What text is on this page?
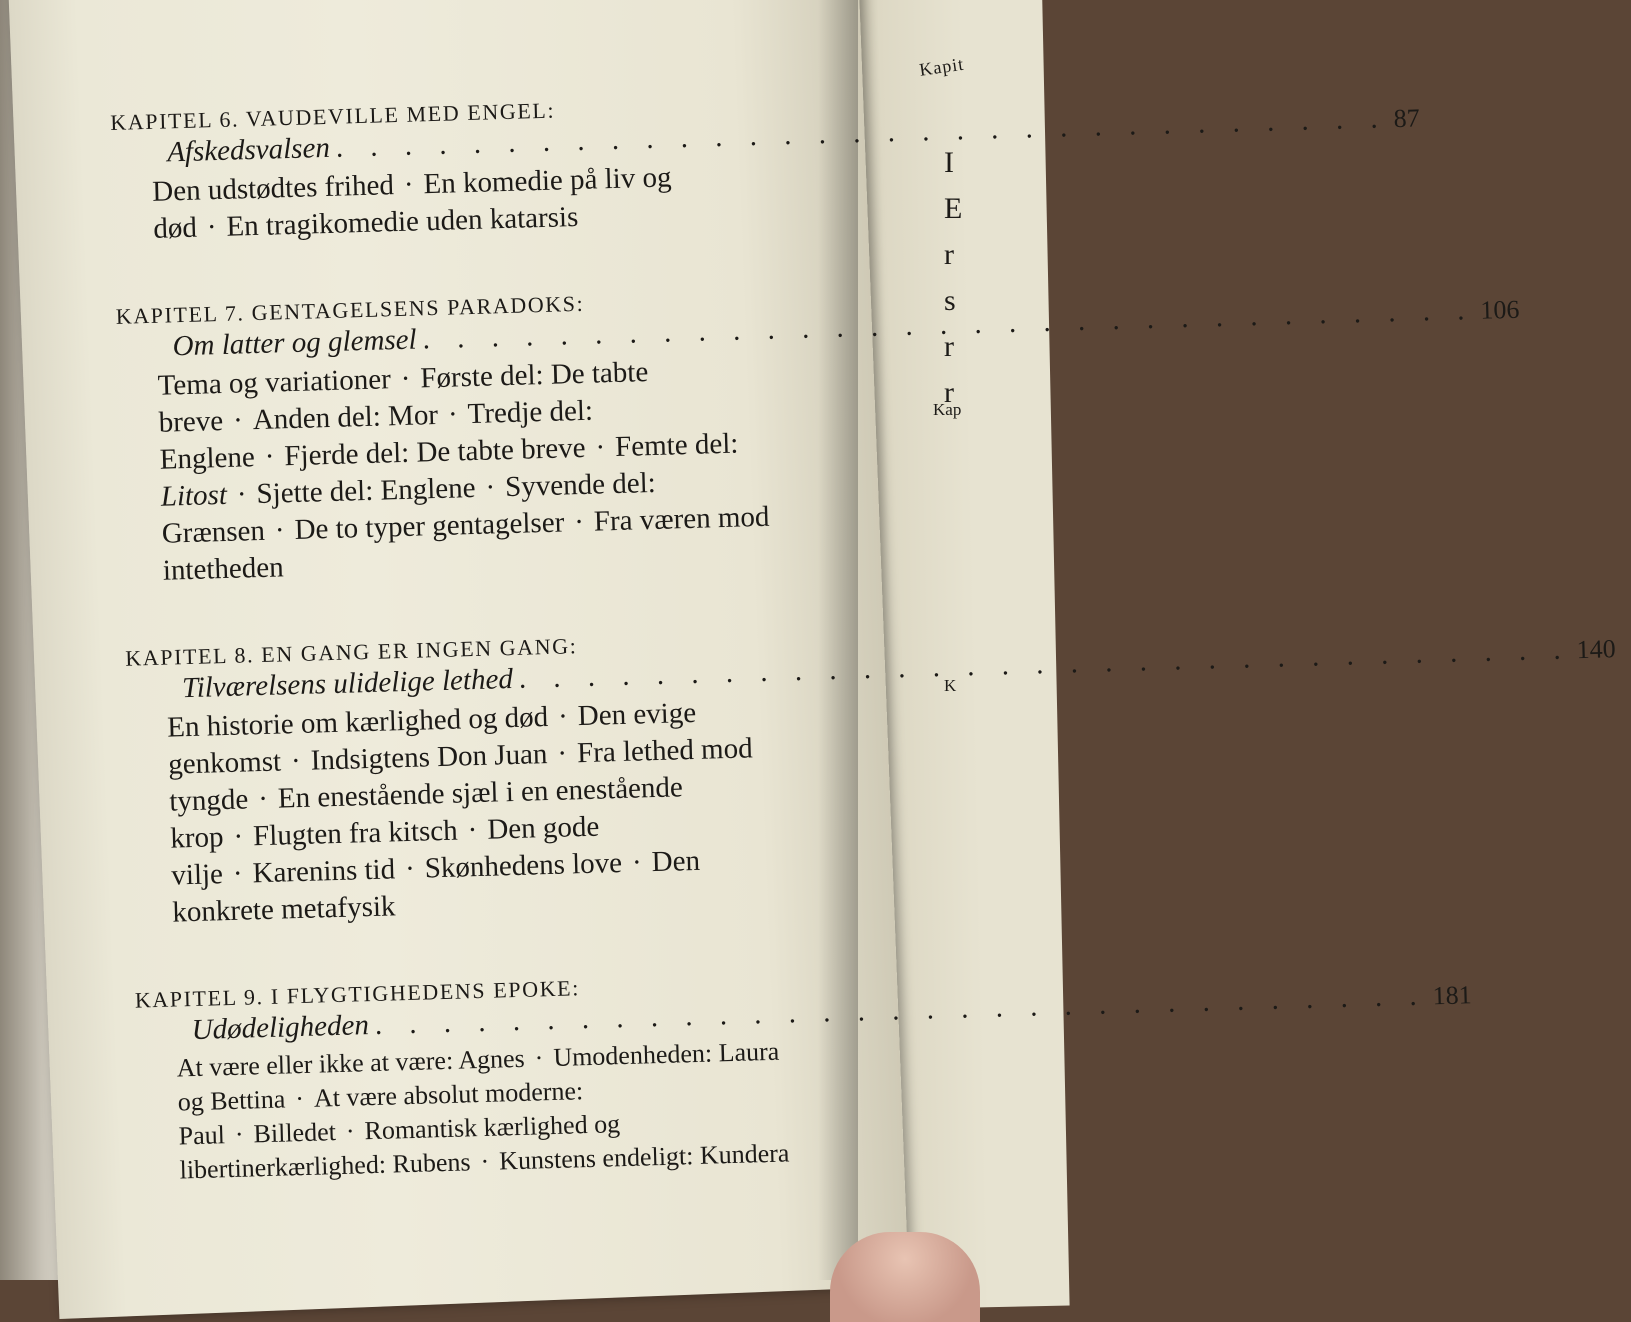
KAPITEL 6. VAUDEVILLE MED ENGEL:

Afskedsvalsen
. . .
87
Den udstødtes frihed · En komedie på liv og død · En tragikomedie uden katarsis

KAPITEL 7. GENTAGELSENS PARADOKS:

Om latter og glemsel
. . .
106
Tema og variationer · Første del: De tabte breve · Anden del: Mor · Tredje del: Englene · Fjerde del: De tabte breve · Femte del: Litost · Sjette del: Englene · Syvende del: Grænsen · De to typer gentagelser · Fra væren mod intetheden

KAPITEL 8. EN GANG ER INGEN GANG:

Tilværelsens ulidelige lethed
. . .
140
En historie om kærlighed og død · Den evige genkomst · Indsigtens Don Juan · Fra lethed mod tyngde · En enestående sjæl i en enestående krop · Flugten fra kitsch · Den gode vilje · Karenins tid · Skønhedens love · Den konkrete metafysik

KAPITEL 9. I FLYGTIGHEDENS EPOKE:

Udødeligheden
. . .
181
At være eller ikke at være: Agnes · Umodenheden: Laura og Bettina · At være absolut moderne: Paul · Billedet · Romantisk kærlighed og libertinerkærlighed: Rubens · Kunstens endeligt: Kundera
Kapit
I
E
r
s
r
r
Kap
K
